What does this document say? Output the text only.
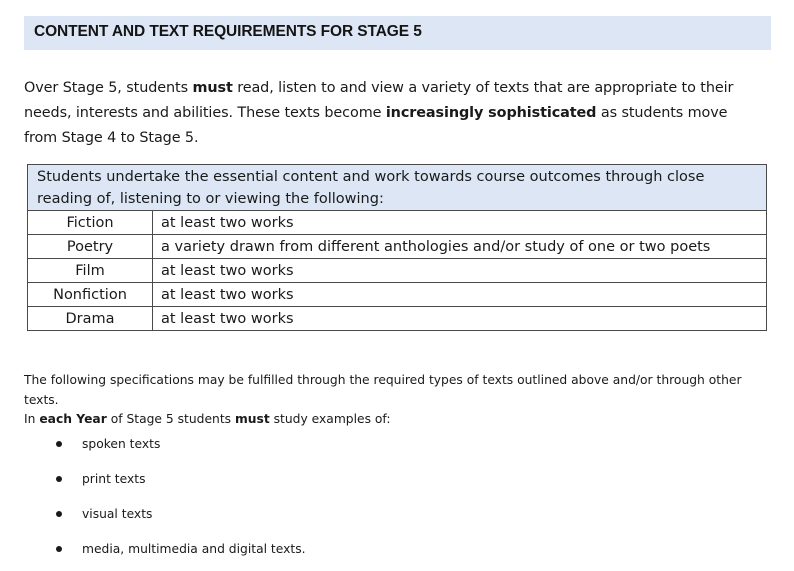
CONTENT AND TEXT REQUIREMENTS FOR STAGE 5

Over Stage 5, students must read, listen to and view a variety of texts that are appropriate to their needs, interests and abilities. These texts become increasingly sophisticated as students move from Stage 4 to Stage 5.

Students undertake the essential content and work towards course outcomes through close reading of, listening to or viewing the following:	
Fiction	at least two works
Poetry	a variety drawn from different anthologies and/or study of one or two poets
Film	at least two works
Nonfiction	at least two works
Drama	at least two works

The following specifications may be fulfilled through the required types of texts outlined above and/or through other texts.

In each Year of Stage 5 students must study examples of:

spoken texts
print texts
visual texts
media, multimedia and digital texts.
